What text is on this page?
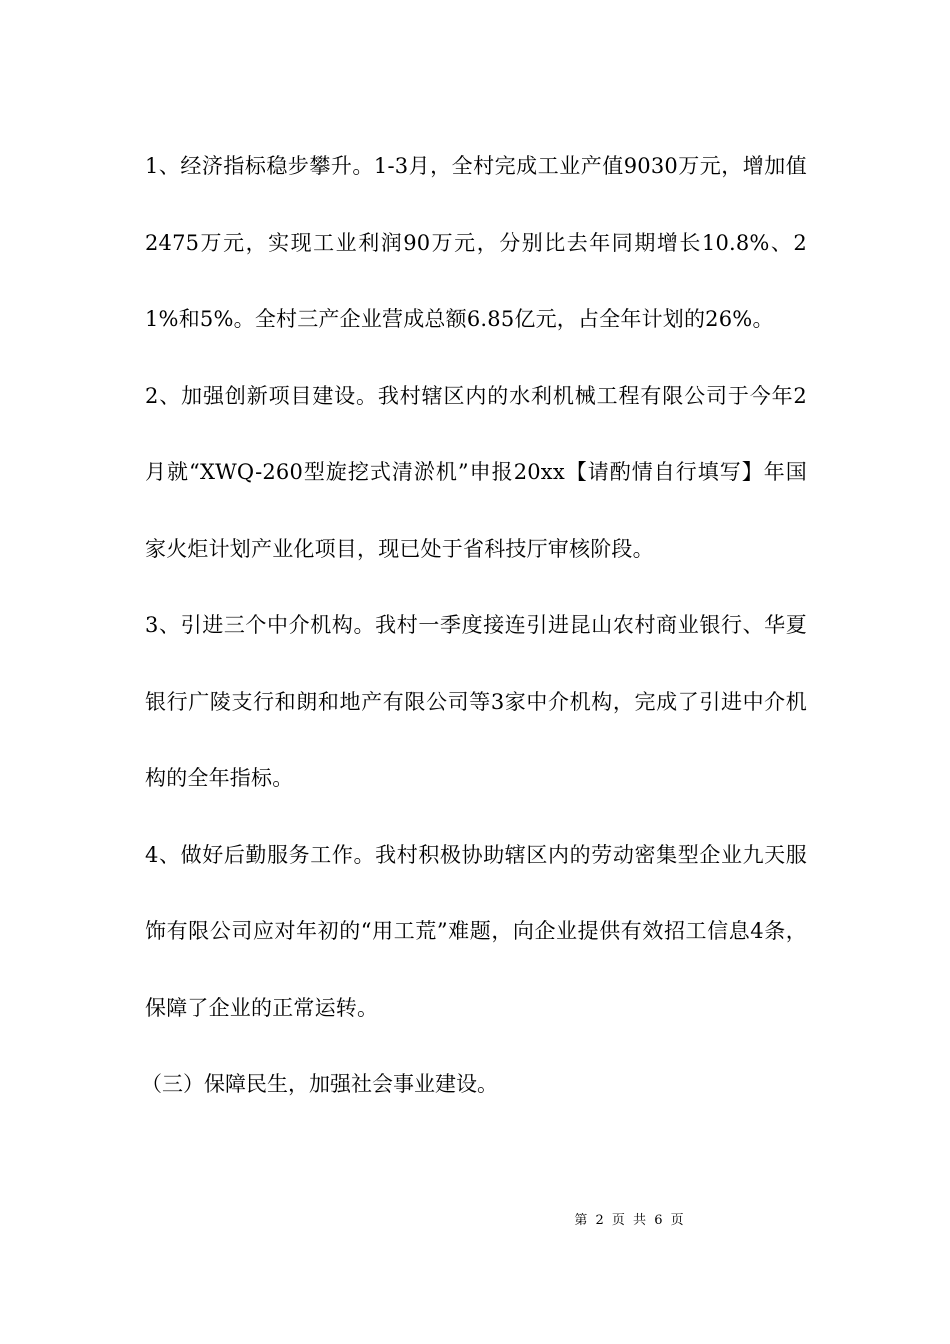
1、经济指标稳步攀升。1-3月，全村完成工业产值9030万元，增加值2475万元，实现工业利润90万元，分别比去年同期增长10.8%、21%和5%。全村三产企业营成总额6.85亿元，占全年计划的26%。

2、加强创新项目建设。我村辖区内的水利机械工程有限公司于今年2月就“XWQ-260型旋挖式清淤机”申报20xx【请酌情自行填写】年国家火炬计划产业化项目，现已处于省科技厅审核阶段。

3、引进三个中介机构。我村一季度接连引进昆山农村商业银行、华夏银行广陵支行和朗和地产有限公司等3家中介机构，完成了引进中介机构的全年指标。

4、做好后勤服务工作。我村积极协助辖区内的劳动密集型企业九天服饰有限公司应对年初的“用工荒”难题，向企业提供有效招工信息4条，保障了企业的正常运转。

（三）保障民生，加强社会事业建设。

第 2 页 共 6 页
